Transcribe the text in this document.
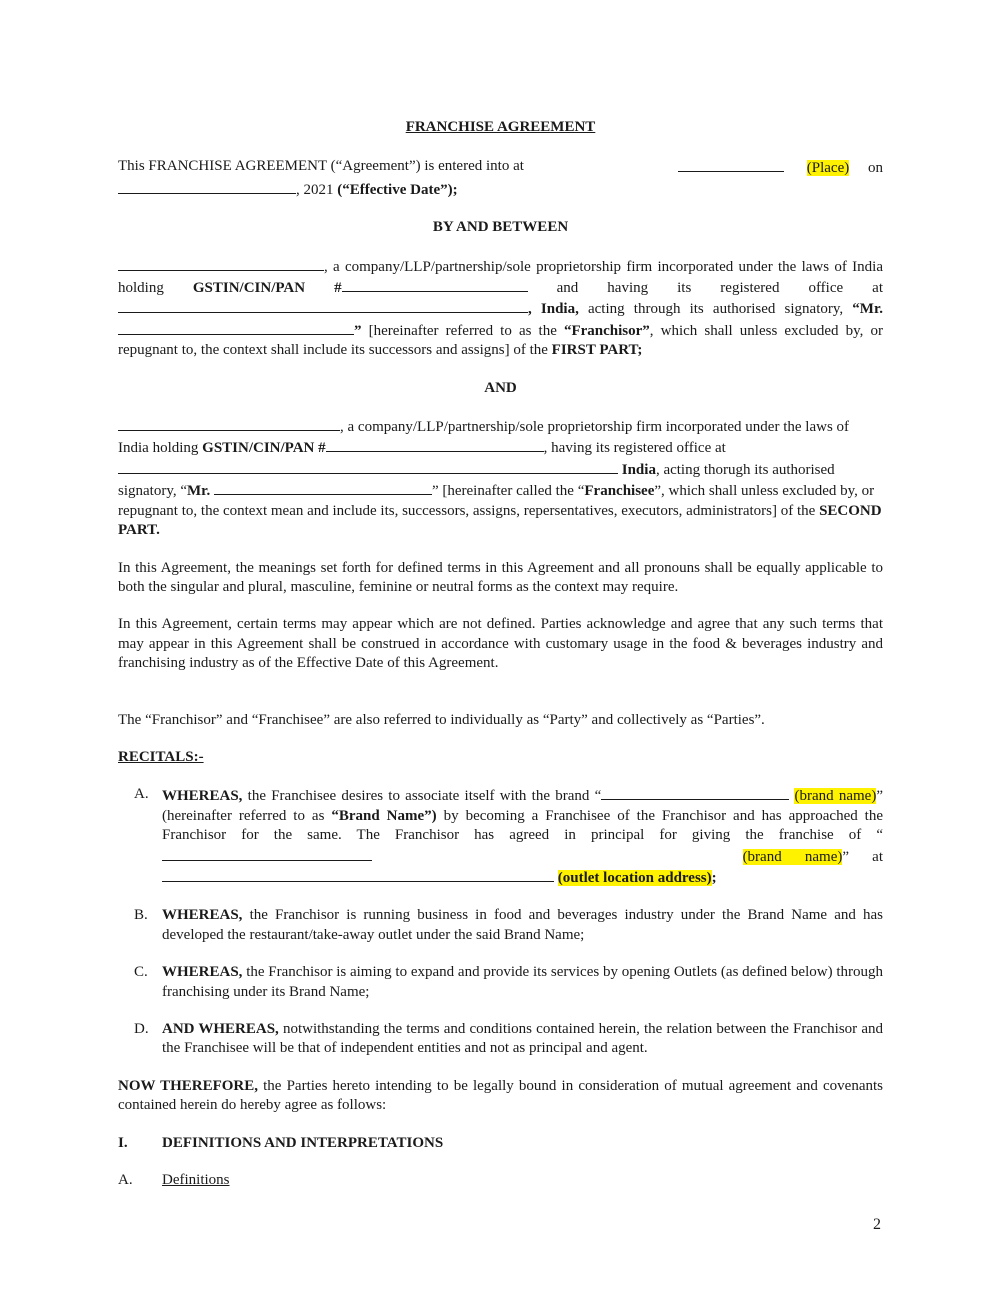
FRANCHISE AGREEMENT

This FRANCHISE AGREEMENT (“Agreement”) is entered into at	(Place) on
, 2021 (“Effective Date”);

BY AND BETWEEN

, a company/LLP/partnership/sole proprietorship firm incorporated under the laws of India holding GSTIN/CIN/PAN #	and having its registered office at , India, acting through its authorised signatory, “Mr. ” [hereinafter referred to as the “Franchisor”, which shall unless excluded by, or repugnant to, the context shall include its successors and assigns] of the FIRST PART;

AND

, a company/LLP/partnership/sole proprietorship firm incorporated under the laws of India holding GSTIN/CIN/PAN #	, having its registered office at  India, acting thorugh its authorised signatory, “Mr.	” [hereinafter called the “Franchisee”, which shall unless excluded by, or repugnant to, the context mean and include its, successors, assigns, repersentatives, executors, administrators] of the SECOND PART.

In this Agreement, the meanings set forth for defined terms in this Agreement and all pronouns shall be equally applicable to both the singular and plural, masculine, feminine or neutral forms as the context may require.

In this Agreement, certain terms may appear which are not defined. Parties acknowledge and agree that any such terms that may appear in this Agreement shall be construed in accordance with customary usage in the food & beverages industry and franchising industry as of the Effective Date of this Agreement.

The “Franchisor” and “Franchisee” are also referred to individually as “Party” and collectively as “Parties”.

RECITALS:-
A. WHEREAS, the Franchisee desires to associate itself with the brand “	(brand name)” (hereinafter referred to as “Brand Name”) by becoming a Franchisee of the Franchisor and has approached the Franchisor for the same. The Franchisor has agreed in principal for giving the franchise of “                (brand name)” at  (outlet location address);
B. WHEREAS, the Franchisor is running business in food and beverages industry under the Brand Name and has developed the restaurant/take-away outlet under the said Brand Name;
C. WHEREAS, the Franchisor is aiming to expand and provide its services by opening Outlets (as defined below) through franchising under its Brand Name;
D. AND WHEREAS, notwithstanding the terms and conditions contained herein, the relation between the Franchisor and the Franchisee will be that of independent entities and not as principal and agent.

NOW THEREFORE, the Parties hereto intending to be legally bound in consideration of mutual agreement and covenants contained herein do hereby agree as follows:

I. DEFINITIONS AND INTERPRETATIONS
A. Definitions
2
